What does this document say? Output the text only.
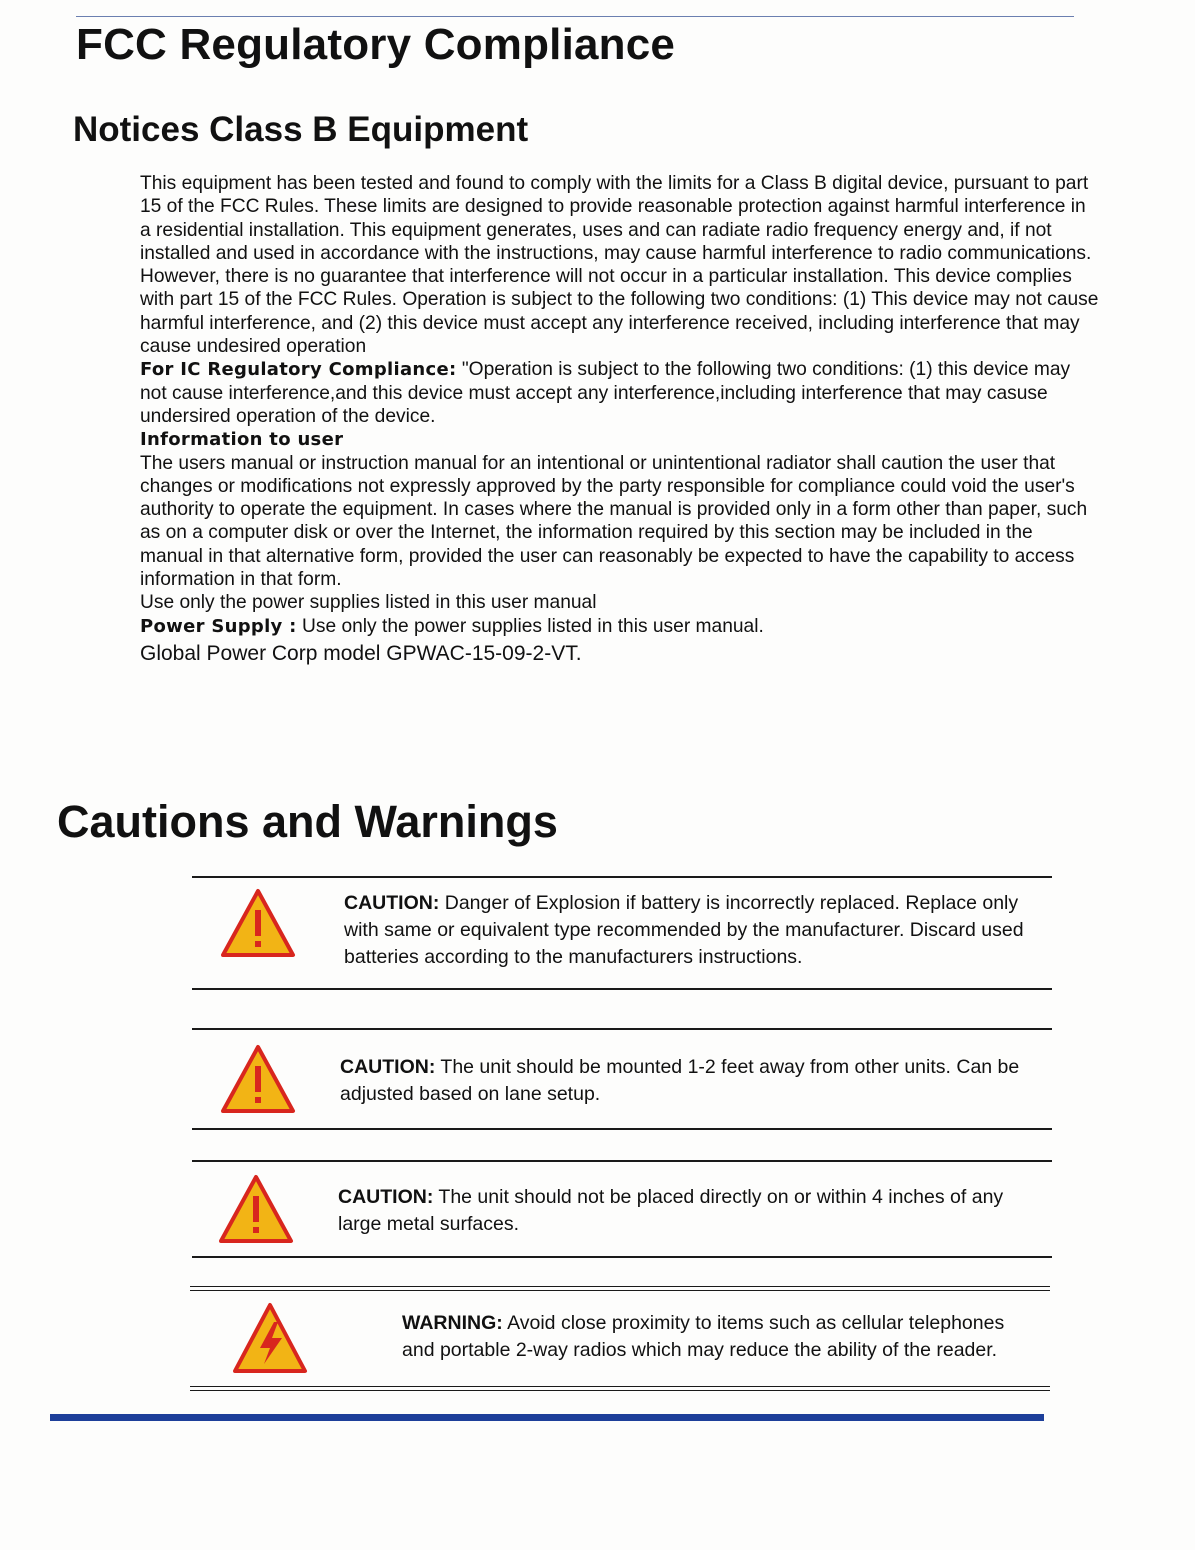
FCC Regulatory Compliance
Notices Class B Equipment

This equipment has been tested and found to comply with the limits for a Class B digital device, pursuant to part 15 of the FCC Rules. These limits are designed to provide reasonable protection against harmful interference in a residential installation. This equipment generates, uses and can radiate radio frequency energy and, if not installed and used in accordance with the instructions, may cause harmful interference to radio communications. However, there is no guarantee that interference will not occur in a particular installation. This device complies with part 15 of the FCC Rules. Operation is subject to the following two conditions: (1) This device may not cause harmful interference, and (2) this device must accept any interference received, including interference that may cause undesired operation

For IC Regulatory Compliance: "Operation is subject to the following two conditions: (1) this device may not cause interference,and this device must accept any interference,including interference that may casuse undersired operation of the device.

Information to user

The users manual or instruction manual for an intentional or unintentional radiator shall caution the user that changes or modifications not expressly approved by the party responsible for compliance could void the user's authority to operate the equipment. In cases where the manual is provided only in a form other than paper, such as on a computer disk or over the Internet, the information required by this section may be included in the manual in that alternative form, provided the user can reasonably be expected to have the capability to access information in that form.

Use only the power supplies listed in this user manual

Power Supply : Use only the power supplies listed in this user manual.

Global Power Corp model GPWAC-15-09-2-VT.

Cautions and Warnings
CAUTION: Danger of Explosion if battery is incorrectly replaced. Replace only with same or equivalent type recommended by the manufacturer. Discard used batteries according to the manufacturers instructions.
CAUTION: The unit should be mounted 1-2 feet away from other units. Can be adjusted based on lane setup.
CAUTION: The unit should not be placed directly on or within 4 inches of any large metal surfaces.
WARNING: Avoid close proximity to items such as cellular telephones and portable 2-way radios which may reduce the ability of the reader.
